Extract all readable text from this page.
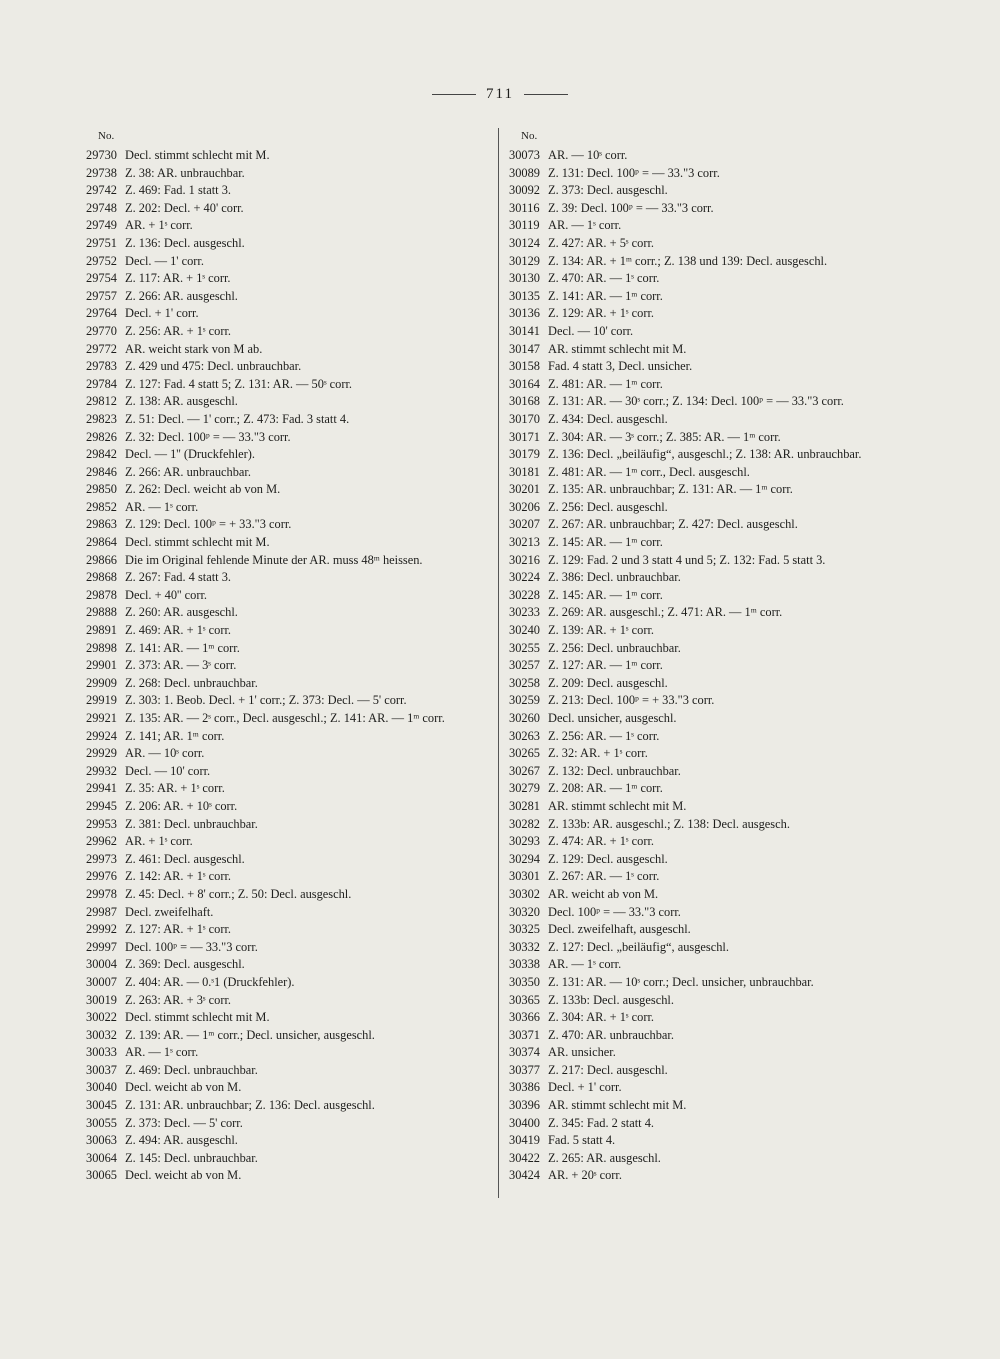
711
No.
29730 Decl. stimmt schlecht mit M.
29738 Z. 38: AR. unbrauchbar.
29742 Z. 469: Fad. 1 statt 3.
29748 Z. 202: Decl. + 40' corr.
29749 AR. + 1ˢ corr.
29751 Z. 136: Decl. ausgeschl.
29752 Decl. — 1' corr.
29754 Z. 117: AR. + 1ˢ corr.
29757 Z. 266: AR. ausgeschl.
29764 Decl. + 1' corr.
29770 Z. 256: AR. + 1ˢ corr.
29772 AR. weicht stark von M ab.
29783 Z. 429 und 475: Decl. unbrauchbar.
29784 Z. 127: Fad. 4 statt 5; Z. 131: AR. — 50ˢ corr.
29812 Z. 138: AR. ausgeschl.
29823 Z. 51: Decl. — 1' corr.; Z. 473: Fad. 3 statt 4.
29826 Z. 32: Decl. 100ᵖ = — 33."3 corr.
29842 Decl. — 1'' (Druckfehler).
29846 Z. 266: AR. unbrauchbar.
29850 Z. 262: Decl. weicht ab von M.
29852 AR. — 1ˢ corr.
29863 Z. 129: Decl. 100ᵖ = + 33."3 corr.
29864 Decl. stimmt schlecht mit M.
29866 Die im Original fehlende Minute der AR. muss 48ᵐ heissen.
29868 Z. 267: Fad. 4 statt 3.
29878 Decl. + 40'' corr.
29888 Z. 260: AR. ausgeschl.
29891 Z. 469: AR. + 1ˢ corr.
29898 Z. 141: AR. — 1ᵐ corr.
29901 Z. 373: AR. — 3ˢ corr.
29909 Z. 268: Decl. unbrauchbar.
29919 Z. 303: 1. Beob. Decl. + 1' corr.; Z. 373: Decl. — 5' corr.
29921 Z. 135: AR. — 2ˢ corr., Decl. ausgeschl.; Z. 141: AR. — 1ᵐ corr.
29924 Z. 141; AR. 1ᵐ corr.
29929 AR. — 10ˢ corr.
29932 Decl. — 10' corr.
29941 Z. 35: AR. + 1ˢ corr.
29945 Z. 206: AR. + 10ˢ corr.
29953 Z. 381: Decl. unbrauchbar.
29962 AR. + 1ˢ corr.
29973 Z. 461: Decl. ausgeschl.
29976 Z. 142: AR. + 1ˢ corr.
29978 Z. 45: Decl. + 8' corr.; Z. 50: Decl. ausgeschl.
29987 Decl. zweifelhaft.
29992 Z. 127: AR. + 1ˢ corr.
29997 Decl. 100ᵖ = — 33."3 corr.
30004 Z. 369: Decl. ausgeschl.
30007 Z. 404: AR. — 0.ˢ1 (Druckfehler).
30019 Z. 263: AR. + 3ˢ corr.
30022 Decl. stimmt schlecht mit M.
30032 Z. 139: AR. — 1ᵐ corr.; Decl. unsicher, ausgeschl.
30033 AR. — 1ˢ corr.
30037 Z. 469: Decl. unbrauchbar.
30040 Decl. weicht ab von M.
30045 Z. 131: AR. unbrauchbar; Z. 136: Decl. ausgeschl.
30055 Z. 373: Decl. — 5' corr.
30063 Z. 494: AR. ausgeschl.
30064 Z. 145: Decl. unbrauchbar.
30065 Decl. weicht ab von M.
No.
30073 AR. — 10ˢ corr.
30089 Z. 131: Decl. 100ᵖ = — 33."3 corr.
30092 Z. 373: Decl. ausgeschl.
30116 Z. 39: Decl. 100ᵖ = — 33."3 corr.
30119 AR. — 1ˢ corr.
30124 Z. 427: AR. + 5ˢ corr.
30129 Z. 134: AR. + 1ᵐ corr.; Z. 138 und 139: Decl. ausgeschl.
30130 Z. 470: AR. — 1ˢ corr.
30135 Z. 141: AR. — 1ᵐ corr.
30136 Z. 129: AR. + 1ˢ corr.
30141 Decl. — 10' corr.
30147 AR. stimmt schlecht mit M.
30158 Fad. 4 statt 3, Decl. unsicher.
30164 Z. 481: AR. — 1ᵐ corr.
30168 Z. 131: AR. — 30ˢ corr.; Z. 134: Decl. 100ᵖ = — 33."3 corr.
30170 Z. 434: Decl. ausgeschl.
30171 Z. 304: AR. — 3ˢ corr.; Z. 385: AR. — 1ᵐ corr.
30179 Z. 136: Decl. „beiläufig“, ausgeschl.; Z. 138: AR. unbrauchbar.
30181 Z. 481: AR. — 1ᵐ corr., Decl. ausgeschl.
30201 Z. 135: AR. unbrauchbar; Z. 131: AR. — 1ᵐ corr.
30206 Z. 256: Decl. ausgeschl.
30207 Z. 267: AR. unbrauchbar; Z. 427: Decl. ausgeschl.
30213 Z. 145: AR. — 1ᵐ corr.
30216 Z. 129: Fad. 2 und 3 statt 4 und 5; Z. 132: Fad. 5 statt 3.
30224 Z. 386: Decl. unbrauchbar.
30228 Z. 145: AR. — 1ᵐ corr.
30233 Z. 269: AR. ausgeschl.; Z. 471: AR. — 1ᵐ corr.
30240 Z. 139: AR. + 1ˢ corr.
30255 Z. 256: Decl. unbrauchbar.
30257 Z. 127: AR. — 1ᵐ corr.
30258 Z. 209: Decl. ausgeschl.
30259 Z. 213: Decl. 100ᵖ = + 33."3 corr.
30260 Decl. unsicher, ausgeschl.
30263 Z. 256: AR. — 1ˢ corr.
30265 Z. 32: AR. + 1ˢ corr.
30267 Z. 132: Decl. unbrauchbar.
30279 Z. 208: AR. — 1ᵐ corr.
30281 AR. stimmt schlecht mit M.
30282 Z. 133b: AR. ausgeschl.; Z. 138: Decl. ausgesch.
30293 Z. 474: AR. + 1ˢ corr.
30294 Z. 129: Decl. ausgeschl.
30301 Z. 267: AR. — 1ˢ corr.
30302 AR. weicht ab von M.
30320 Decl. 100ᵖ = — 33."3 corr.
30325 Decl. zweifelhaft, ausgeschl.
30332 Z. 127: Decl. „beiläufig“, ausgeschl.
30338 AR. — 1ˢ corr.
30350 Z. 131: AR. — 10ˢ corr.; Decl. unsicher, unbrauchbar.
30365 Z. 133b: Decl. ausgeschl.
30366 Z. 304: AR. + 1ˢ corr.
30371 Z. 470: AR. unbrauchbar.
30374 AR. unsicher.
30377 Z. 217: Decl. ausgeschl.
30386 Decl. + 1' corr.
30396 AR. stimmt schlecht mit M.
30400 Z. 345: Fad. 2 statt 4.
30419 Fad. 5 statt 4.
30422 Z. 265: AR. ausgeschl.
30424 AR. + 20ˢ corr.
